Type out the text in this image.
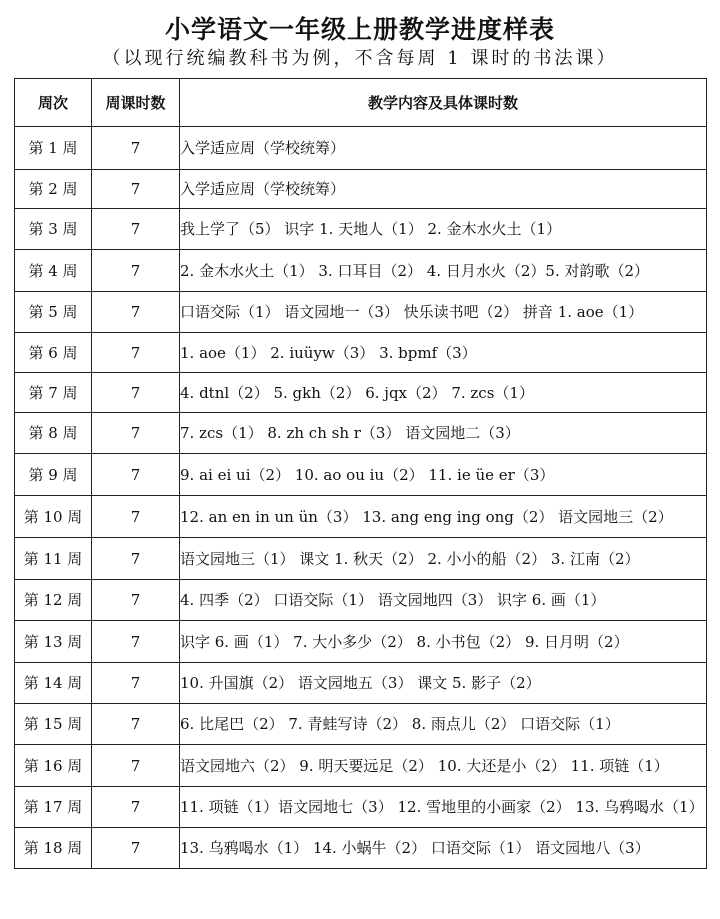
小学语文一年级上册教学进度样表
（以现行统编教科书为例，不含每周 1 课时的书法课）
周次	周课时数	教学内容及具体课时数
第 1 周	7	入学适应周（学校统筹）
第 2 周	7	入学适应周（学校统筹）
第 3 周	7	我上学了（5） 识字 1. 天地人（1） 2. 金木水火土（1）
第 4 周	7	2. 金木水火土（1） 3. 口耳目（2） 4. 日月水火（2）5. 对韵歌（2）
第 5 周	7	口语交际（1） 语文园地一（3） 快乐读书吧（2） 拼音 1. aoe（1）
第 6 周	7	1. aoe（1） 2. iuüyw（3） 3. bpmf（3）
第 7 周	7	4. dtnl（2） 5. gkh（2） 6. jqx（2） 7. zcs（1）
第 8 周	7	7. zcs（1） 8. zh ch sh r（3） 语文园地二（3）
第 9 周	7	9. ai ei ui（2） 10. ao ou iu（2） 11. ie üe er（3）
第 10 周	7	12. an en in un ün（3） 13. ang eng ing ong（2） 语文园地三（2）
第 11 周	7	语文园地三（1） 课文 1. 秋天（2） 2. 小小的船（2） 3. 江南（2）
第 12 周	7	4. 四季（2） 口语交际（1） 语文园地四（3） 识字 6. 画（1）
第 13 周	7	识字 6. 画（1） 7. 大小多少（2） 8. 小书包（2） 9. 日月明（2）
第 14 周	7	10. 升国旗（2） 语文园地五（3） 课文 5. 影子（2）
第 15 周	7	6. 比尾巴（2） 7. 青蛙写诗（2） 8. 雨点儿（2） 口语交际（1）
第 16 周	7	语文园地六（2） 9. 明天要远足（2） 10. 大还是小（2） 11. 项链（1）
第 17 周	7	11. 项链（1）语文园地七（3） 12. 雪地里的小画家（2） 13. 乌鸦喝水（1）
第 18 周	7	13. 乌鸦喝水（1） 14. 小蜗牛（2） 口语交际（1） 语文园地八（3）
